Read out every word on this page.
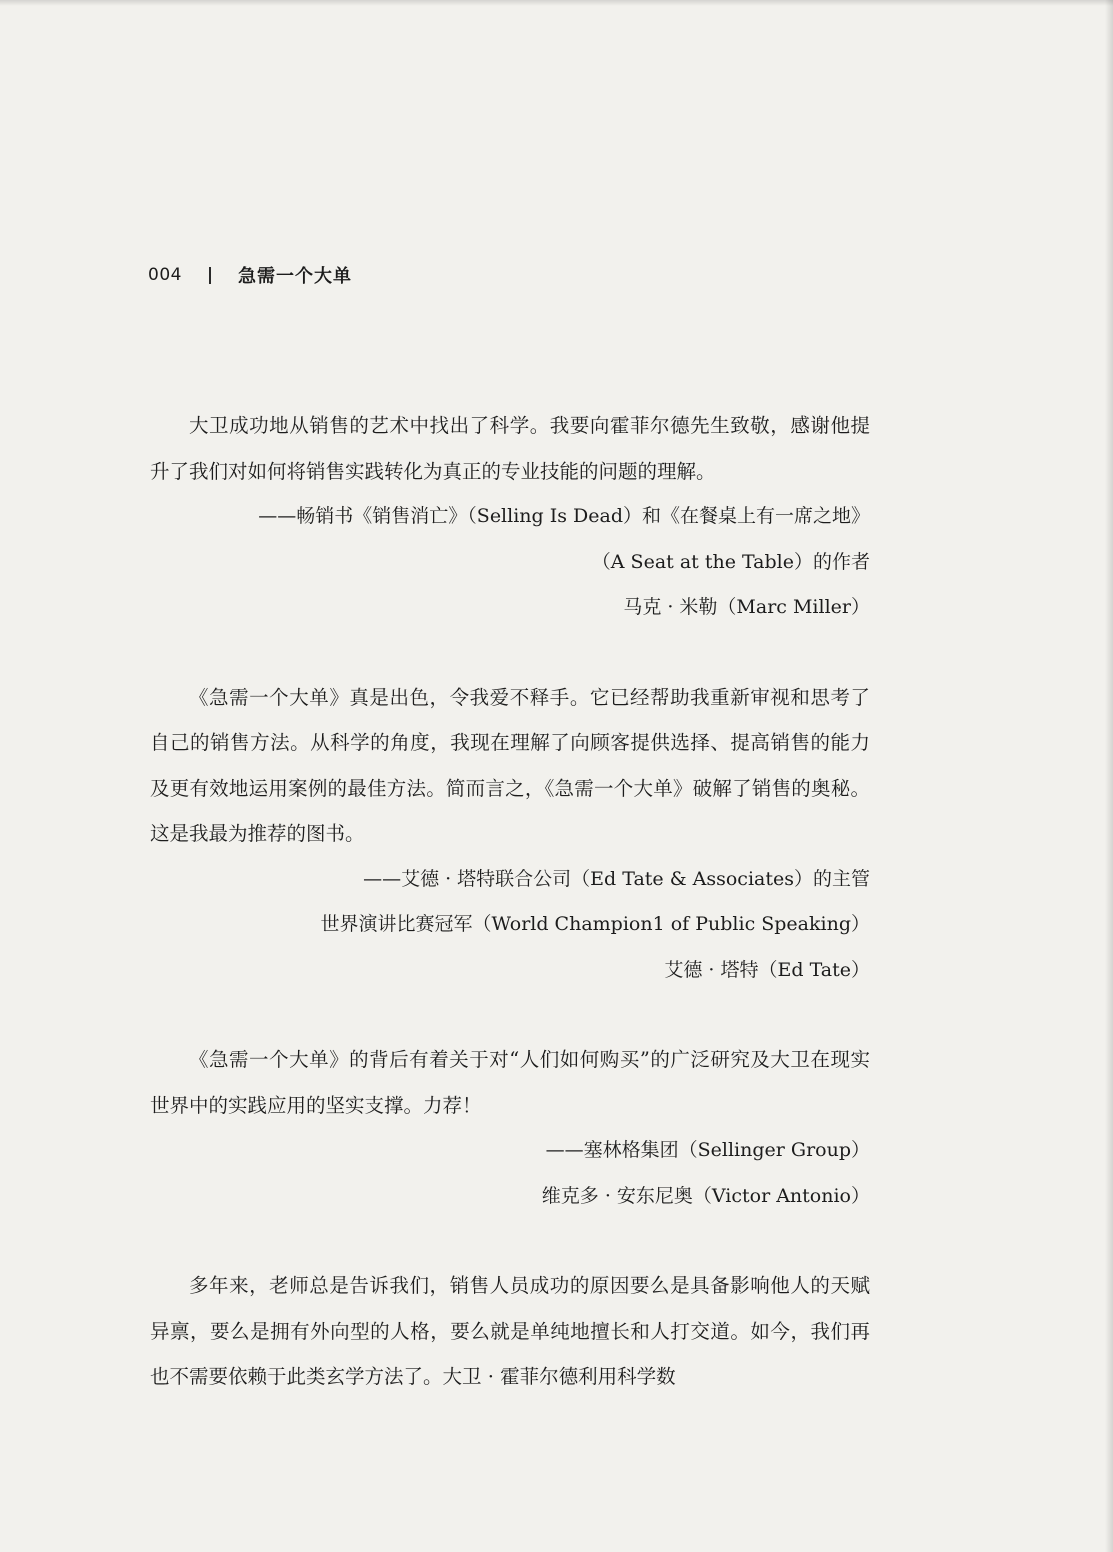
004	急需一个大单

大卫成功地从销售的艺术中找出了科学。我要向霍菲尔德先生致敬，感谢他提升了我们对如何将销售实践转化为真正的专业技能的问题的理解。

——畅销书《销售消亡》（Selling Is Dead）和《在餐桌上有一席之地》

（A Seat at the Table）的作者

马克 · 米勒（Marc Miller）

《急需一个大单》真是出色，令我爱不释手。它已经帮助我重新审视和思考了自己的销售方法。从科学的角度，我现在理解了向顾客提供选择、提高销售的能力及更有效地运用案例的最佳方法。简而言之，《急需一个大单》破解了销售的奥秘。这是我最为推荐的图书。

——艾德 · 塔特联合公司（Ed Tate & Associates）的主管

世界演讲比赛冠军（World Champion1 of Public Speaking）

艾德 · 塔特（Ed Tate）

《急需一个大单》的背后有着关于对“人们如何购买”的广泛研究及大卫在现实世界中的实践应用的坚实支撑。力荐！

——塞林格集团（Sellinger Group）

维克多 · 安东尼奥（Victor Antonio）

多年来，老师总是告诉我们，销售人员成功的原因要么是具备影响他人的天赋异禀，要么是拥有外向型的人格，要么就是单纯地擅长和人打交道。如今，我们再也不需要依赖于此类玄学方法了。大卫 · 霍菲尔德利用科学数
